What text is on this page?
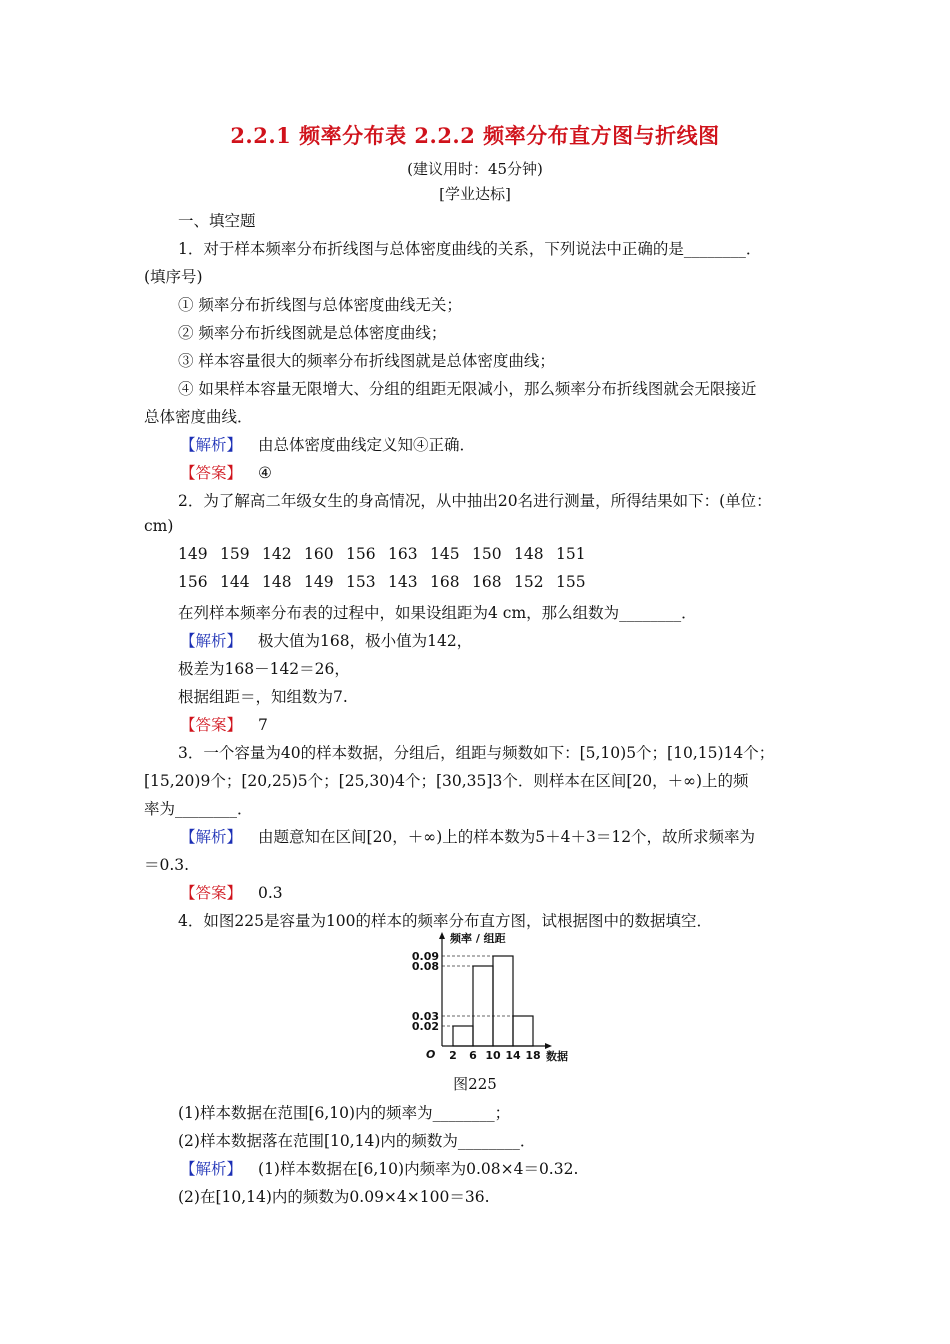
2.2.1 频率分布表 2.2.2 频率分布直方图与折线图
(建议用时：45分钟)
[学业达标]
一、填空题
1．对于样本频率分布折线图与总体密度曲线的关系，下列说法中正确的是________．
(填序号)
① 频率分布折线图与总体密度曲线无关；
② 频率分布折线图就是总体密度曲线；
③ 样本容量很大的频率分布折线图就是总体密度曲线；
④ 如果样本容量无限增大、分组的组距无限减小，那么频率分布折线图就会无限接近
总体密度曲线．
【解析】 由总体密度曲线定义知④正确．
【答案】 ④
2．为了解高二年级女生的身高情况，从中抽出20名进行测量，所得结果如下：(单位：
cm)
149 159 142 160 156 163 145 150 148 151
156 144 148 149 153 143 168 168 152 155
在列样本频率分布表的过程中，如果设组距为4 cm，那么组数为________．
【解析】 极大值为168，极小值为142，
极差为168－142＝26，
根据组距＝，知组数为7.
【答案】 7
3．一个容量为40的样本数据，分组后，组距与频数如下：[5,10)5个；[10,15)14个；
[15,20)9个；[20,25)5个；[25,30)4个；[30,35]3个．则样本在区间[20，＋∞)上的频
率为________．
【解析】 由题意知在区间[20，＋∞)上的样本数为5＋4＋3＝12个，故所求频率为
＝0.3.
【答案】 0.3
4．如图225是容量为100的样本的频率分布直方图，试根据图中的数据填空．
0.02
0.03
0.08
0.09
2 6 10 14 18
O
频率 / 组距
数据
图225
(1)样本数据在范围[6,10)内的频率为________；
(2)样本数据落在范围[10,14)内的频数为________．
【解析】 (1)样本数据在[6,10)内频率为0.08×4＝0.32.
(2)在[10,14)内的频数为0.09×4×100＝36.
